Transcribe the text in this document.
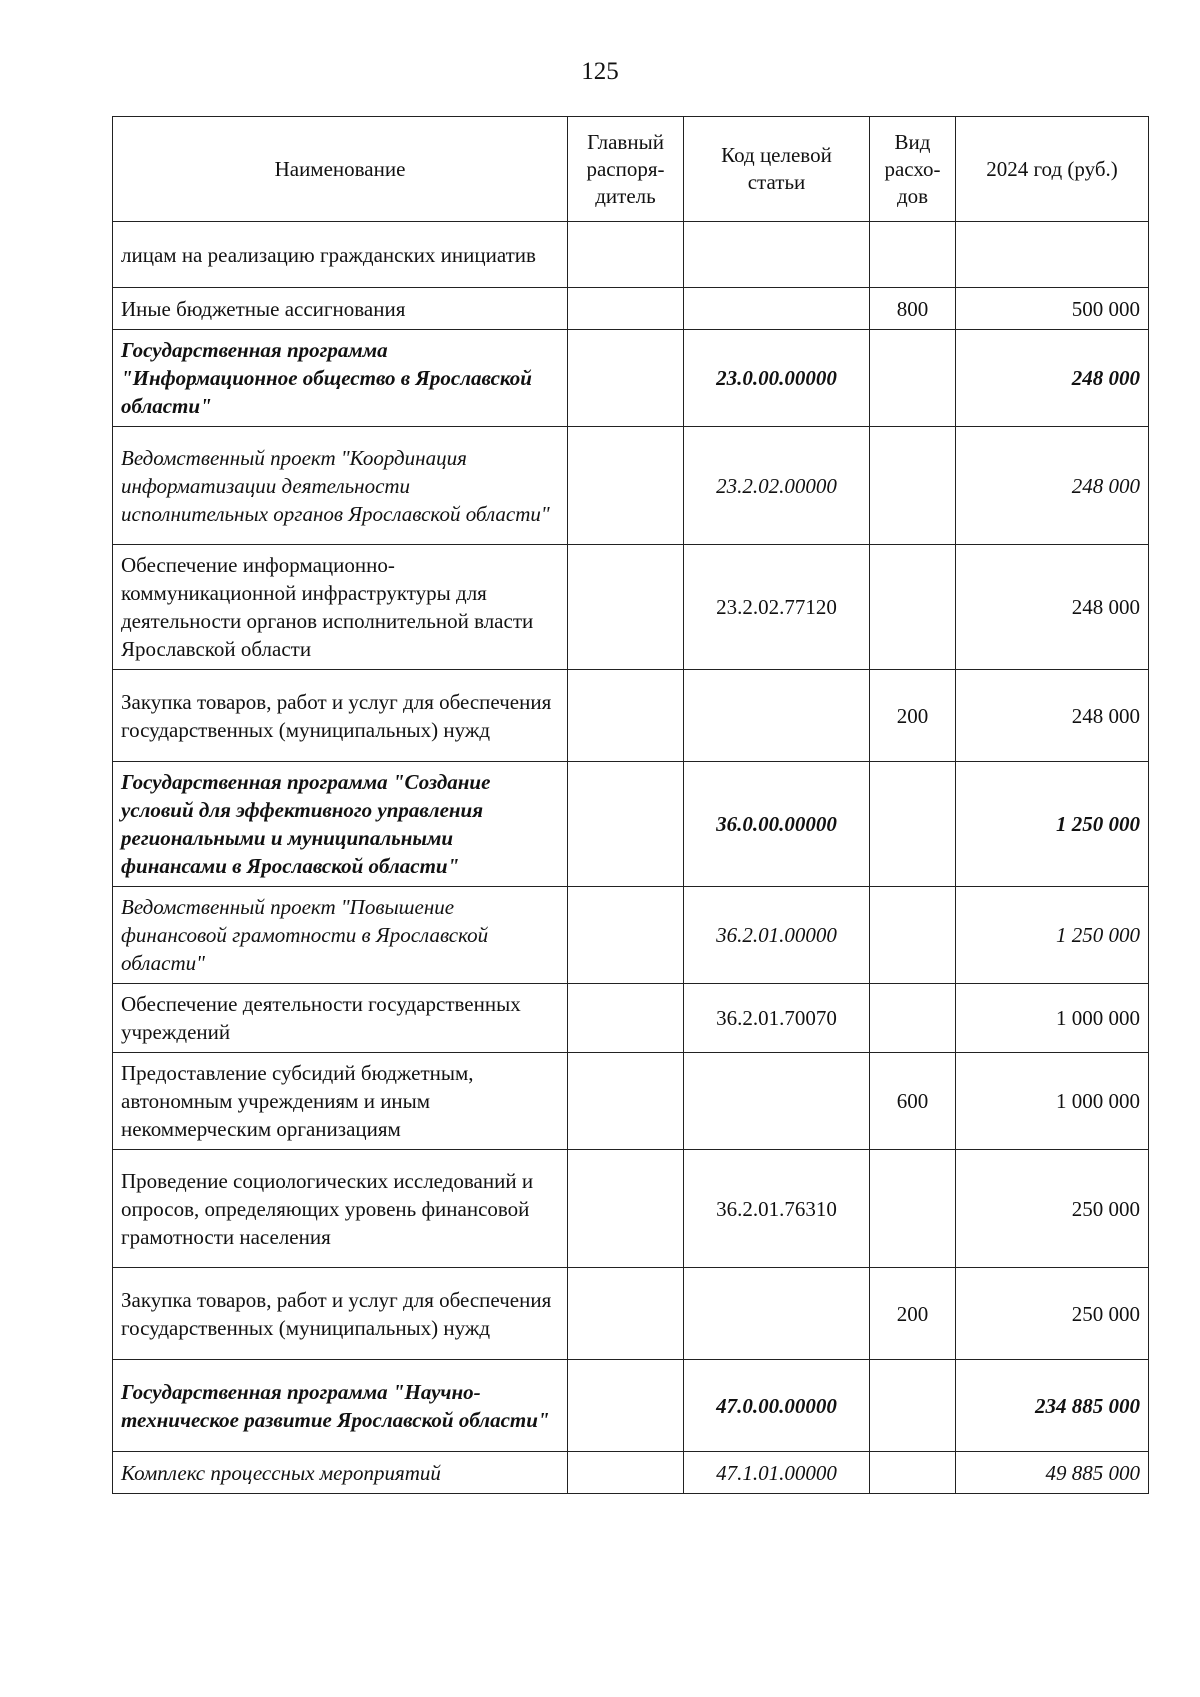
125
Наименование	Главный распоря-дитель	Код целевой статьи	Вид расхо-дов	2024 год (руб.)
лицам на реализацию гражданских инициатив				
Иные бюджетные ассигнования			800	500 000
Государственная программа "Информационное общество в Ярославской области"		23.0.00.00000		248 000
Ведомственный проект "Координация информатизации деятельности исполнительных органов Ярославской области"		23.2.02.00000		248 000
Обеспечение информационно-коммуникационной инфраструктуры для деятельности органов исполнительной власти Ярославской области		23.2.02.77120		248 000
Закупка товаров, работ и услуг для обеспечения государственных (муниципальных) нужд			200	248 000
Государственная программа "Создание условий для эффективного управления региональными и муниципальными финансами в Ярославской области"		36.0.00.00000		1 250 000
Ведомственный проект "Повышение финансовой грамотности в Ярославской области"		36.2.01.00000		1 250 000
Обеспечение деятельности государственных учреждений		36.2.01.70070		1 000 000
Предоставление субсидий бюджетным, автономным учреждениям и иным некоммерческим организациям			600	1 000 000
Проведение социологических исследований и опросов, определяющих уровень финансовой грамотности населения		36.2.01.76310		250 000
Закупка товаров, работ и услуг для обеспечения государственных (муниципальных) нужд			200	250 000
Государственная программа "Научно-техническое развитие Ярославской области"		47.0.00.00000		234 885 000
Комплекс процессных мероприятий		47.1.01.00000		49 885 000
